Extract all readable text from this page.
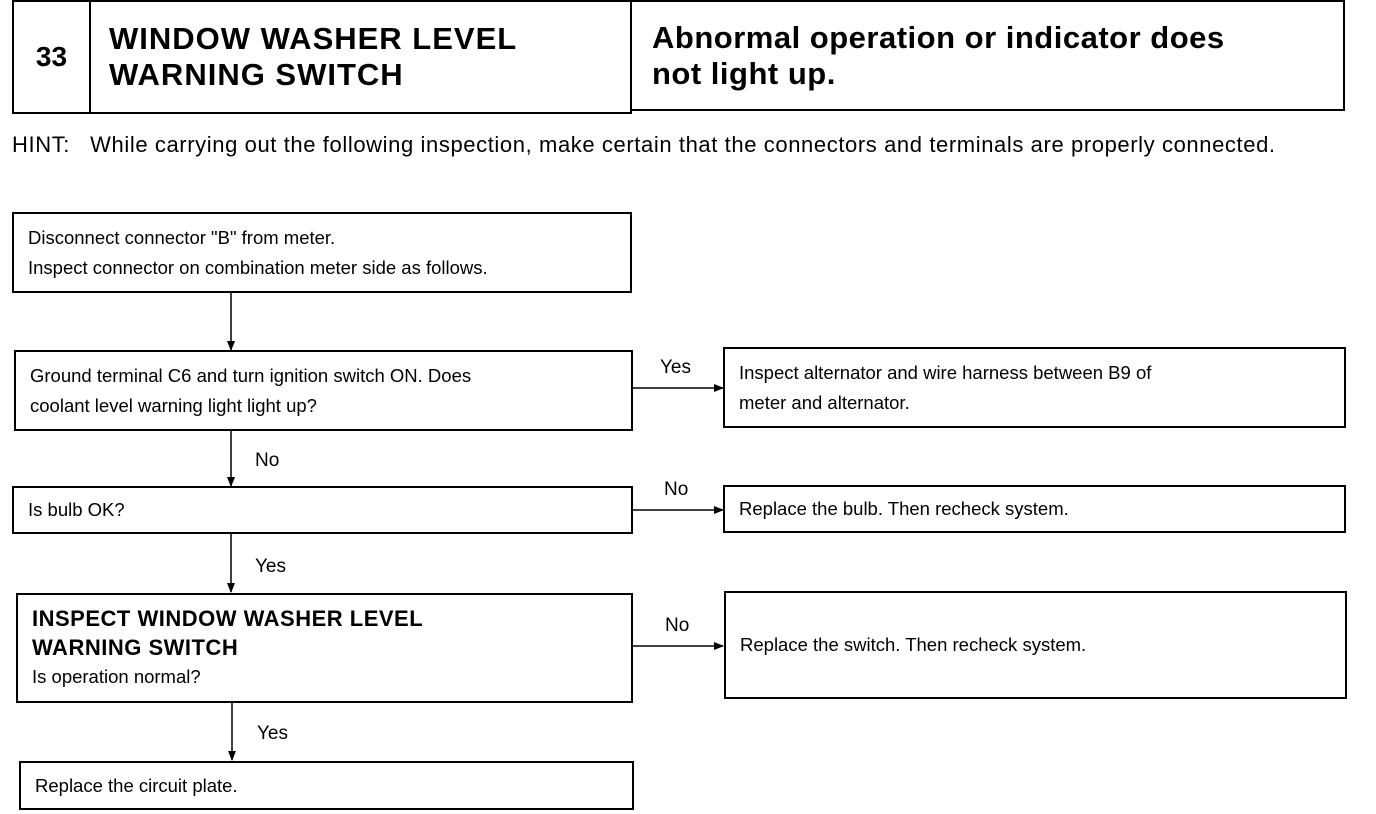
33
WINDOW WASHER LEVEL
WARNING SWITCH
Abnormal operation or indicator does
not light up.
HINT: While carrying out the following inspection, make certain that the connectors and terminals are properly connected.
Disconnect connector "B" from meter.
Inspect connector on combination meter side as follows.
Ground terminal C6 and turn ignition switch ON. Does
coolant level warning light light up?
Inspect alternator and wire harness between B9 of
meter and alternator.
Is bulb OK?	Replace the bulb. Then recheck system.
INSPECT WINDOW WASHER LEVEL
WARNING SWITCH
Is operation normal?
Replace the switch. Then recheck system.
Replace the circuit plate.
Yes
No
No
Yes
No
Yes
